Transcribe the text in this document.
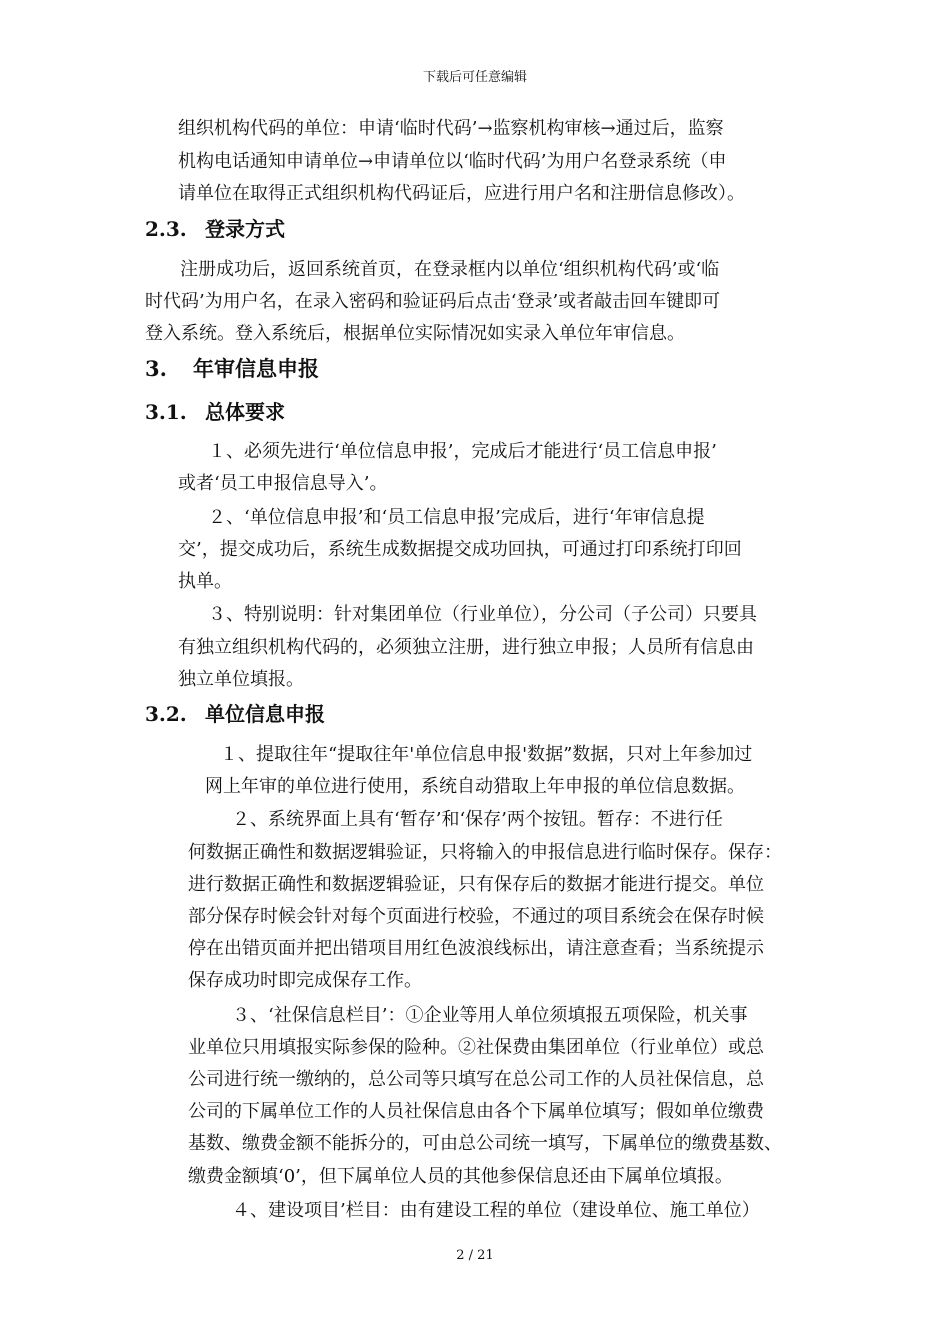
下载后可任意编辑
组织机构代码的单位：申请‘临时代码’→监察机构审核→通过后，监察
机构电话通知申请单位→申请单位以‘临时代码’为用户名登录系统（申
请单位在取得正式组织机构代码证后，应进行用户名和注册信息修改）。
2.3. 登录方式
注册成功后，返回系统首页，在登录框内以单位‘组织机构代码’或‘临
时代码’为用户名，在录入密码和验证码后点击‘登录’或者敲击回车键即可
登入系统。登入系统后，根据单位实际情况如实录入单位年审信息。
3. 年审信息申报
3.1. 总体要求
１、必须先进行‘单位信息申报’，完成后才能进行‘员工信息申报’
或者‘员工申报信息导入’。
２、‘单位信息申报’和‘员工信息申报’完成后，进行‘年审信息提
交’，提交成功后，系统生成数据提交成功回执，可通过打印系统打印回
执单。
３、特别说明：针对集团单位（行业单位），分公司（子公司）只要具
有独立组织机构代码的，必须独立注册，进行独立申报；人员所有信息由
独立单位填报。
3.2. 单位信息申报
１、提取往年“提取往年'单位信息申报'数据”数据，只对上年参加过
网上年审的单位进行使用，系统自动猎取上年申报的单位信息数据。
２、系统界面上具有‘暂存’和‘保存’两个按钮。暂存：不进行任
何数据正确性和数据逻辑验证，只将输入的申报信息进行临时保存。保存：
进行数据正确性和数据逻辑验证，只有保存后的数据才能进行提交。单位
部分保存时候会针对每个页面进行校验，不通过的项目系统会在保存时候
停在出错页面并把出错项目用红色波浪线标出，请注意查看；当系统提示
保存成功时即完成保存工作。
３、‘社保信息栏目’：①企业等用人单位须填报五项保险，机关事
业单位只用填报实际参保的险种。②社保费由集团单位（行业单位）或总
公司进行统一缴纳的，总公司等只填写在总公司工作的人员社保信息，总
公司的下属单位工作的人员社保信息由各个下属单位填写；假如单位缴费
基数、缴费金额不能拆分的，可由总公司统一填写，下属单位的缴费基数、
缴费金额填‘0’，但下属单位人员的其他参保信息还由下属单位填报。
４、建设项目’栏目：由有建设工程的单位（建设单位、施工单位）
2 / 21
